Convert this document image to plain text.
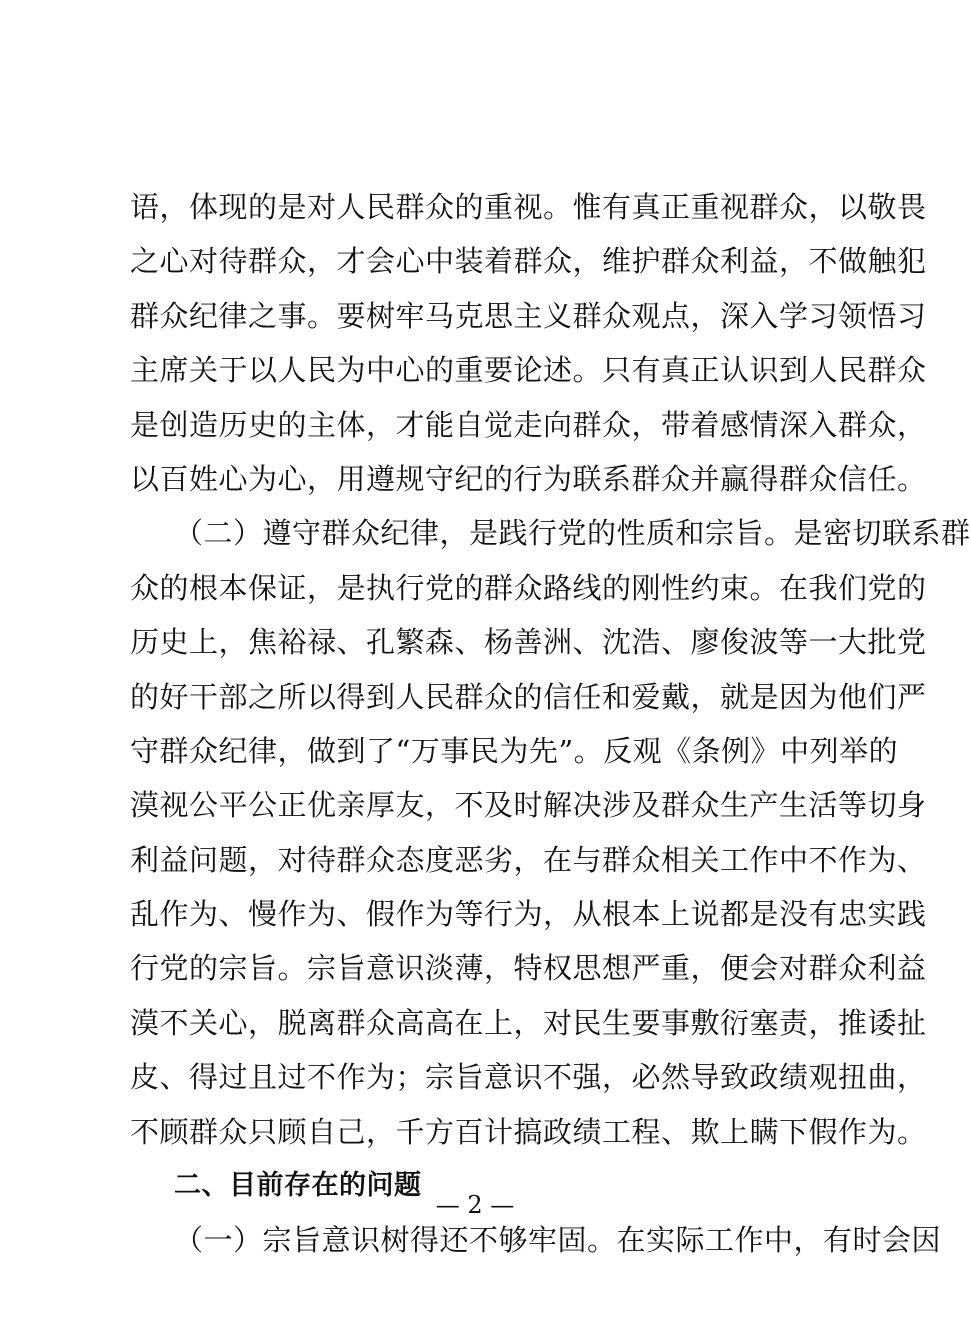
语，体现的是对人民群众的重视。惟有真正重视群众，以敬畏
之心对待群众，才会心中装着群众，维护群众利益，不做触犯
群众纪律之事。要树牢马克思主义群众观点，深入学习领悟习
主席关于以人民为中心的重要论述。只有真正认识到人民群众
是创造历史的主体，才能自觉走向群众，带着感情深入群众，
以百姓心为心，用遵规守纪的行为联系群众并赢得群众信任。
（二）遵守群众纪律，是践行党的性质和宗旨。是密切联系群
众的根本保证，是执行党的群众路线的刚性约束。在我们党的
历史上，焦裕禄、孔繁森、杨善洲、沈浩、廖俊波等一大批党
的好干部之所以得到人民群众的信任和爱戴，就是因为他们严
守群众纪律，做到了“万事民为先”。反观《条例》中列举的
漠视公平公正优亲厚友，不及时解决涉及群众生产生活等切身
利益问题，对待群众态度恶劣，在与群众相关工作中不作为、
乱作为、慢作为、假作为等行为，从根本上说都是没有忠实践
行党的宗旨。宗旨意识淡薄，特权思想严重，便会对群众利益
漠不关心，脱离群众高高在上，对民生要事敷衍塞责，推诿扯
皮、得过且过不作为；宗旨意识不强，必然导致政绩观扭曲，
不顾群众只顾自己，千方百计搞政绩工程、欺上瞒下假作为。
二、目前存在的问题
（一）宗旨意识树得还不够牢固。在实际工作中，有时会因
— 2 —
